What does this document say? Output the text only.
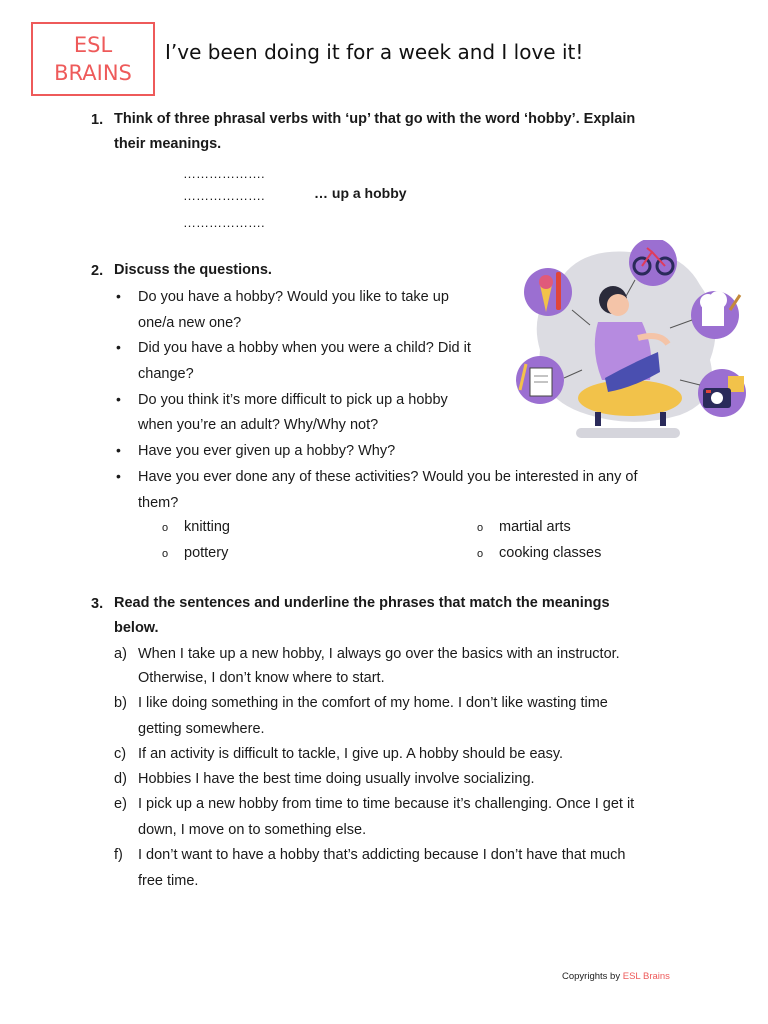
ESL
BRAINS
I’ve been doing it for a week and I love it!
1. Think of three phrasal verbs with ‘up’ that go with the word ‘hobby’. Explain
their meanings.
……………….
……………….
……………….
… up a hobby
2. Discuss the questions.
• Do you have a hobby? Would you like to take up
one/a new one?
• Did you have a hobby when you were a child? Did it
change?
• Do you think it’s more difficult to pick up a hobby
when you’re an adult? Why/Why not?
• Have you ever given up a hobby? Why?
• Have you ever done any of these activities? Would you be interested in any of
them?
o knitting	o martial arts
o pottery	o cooking classes
3. Read the sentences and underline the phrases that match the meanings
below.
a) When I take up a new hobby, I always go over the basics with an instructor.
Otherwise, I don’t know where to start.
b) I like doing something in the comfort of my home. I don’t like wasting time
getting somewhere.
c) If an activity is difficult to tackle, I give up. A hobby should be easy.
d) Hobbies I have the best time doing usually involve socializing.
e) I pick up a new hobby from time to time because it’s challenging. Once I get it
down, I move on to something else.
f) I don’t want to have a hobby that’s addicting because I don’t have that much
free time.
Copyrights by ESL Brains
